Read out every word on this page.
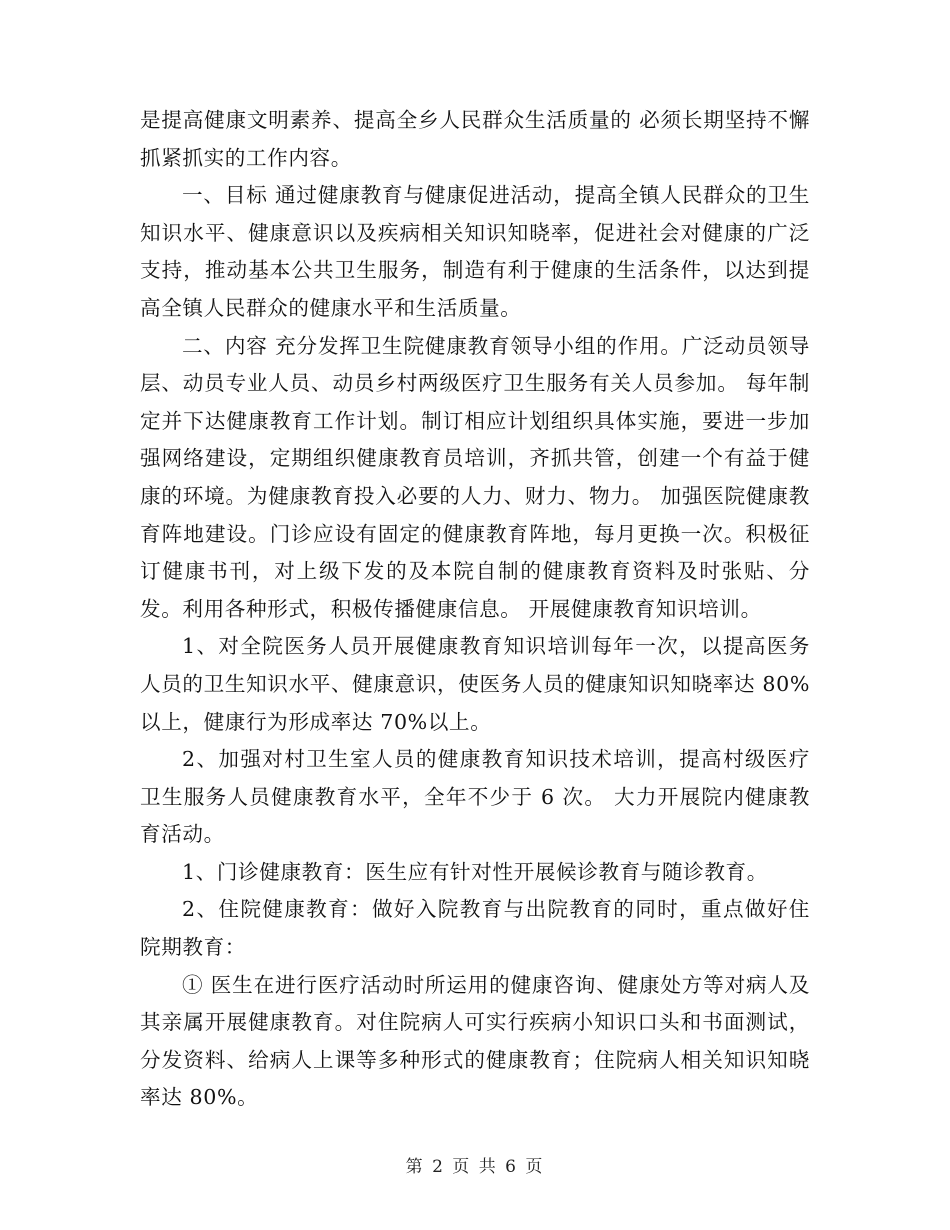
是提高健康文明素养、提高全乡人民群众生活质量的 必须长期坚持不懈抓紧抓实的工作内容。

一、目标 通过健康教育与健康促进活动，提高全镇人民群众的卫生知识水平、健康意识以及疾病相关知识知晓率，促进社会对健康的广泛支持，推动基本公共卫生服务，制造有利于健康的生活条件，以达到提高全镇人民群众的健康水平和生活质量。

二、内容 充分发挥卫生院健康教育领导小组的作用。广泛动员领导层、动员专业人员、动员乡村两级医疗卫生服务有关人员参加。 每年制定并下达健康教育工作计划。制订相应计划组织具体实施，要进一步加强网络建设，定期组织健康教育员培训，齐抓共管，创建一个有益于健康的环境。为健康教育投入必要的人力、财力、物力。 加强医院健康教育阵地建设。门诊应设有固定的健康教育阵地，每月更换一次。积极征订健康书刊，对上级下发的及本院自制的健康教育资料及时张贴、分发。利用各种形式，积极传播健康信息。 开展健康教育知识培训。

1、对全院医务人员开展健康教育知识培训每年一次，以提高医务人员的卫生知识水平、健康意识，使医务人员的健康知识知晓率达 80%以上，健康行为形成率达 70%以上。

2、加强对村卫生室人员的健康教育知识技术培训，提高村级医疗卫生服务人员健康教育水平，全年不少于 6 次。 大力开展院内健康教育活动。

1、门诊健康教育：医生应有针对性开展候诊教育与随诊教育。

2、住院健康教育：做好入院教育与出院教育的同时，重点做好住院期教育：

① 医生在进行医疗活动时所运用的健康咨询、健康处方等对病人及其亲属开展健康教育。对住院病人可实行疾病小知识口头和书面测试，分发资料、给病人上课等多种形式的健康教育；住院病人相关知识知晓率达 80%。

第 2 页 共 6 页
